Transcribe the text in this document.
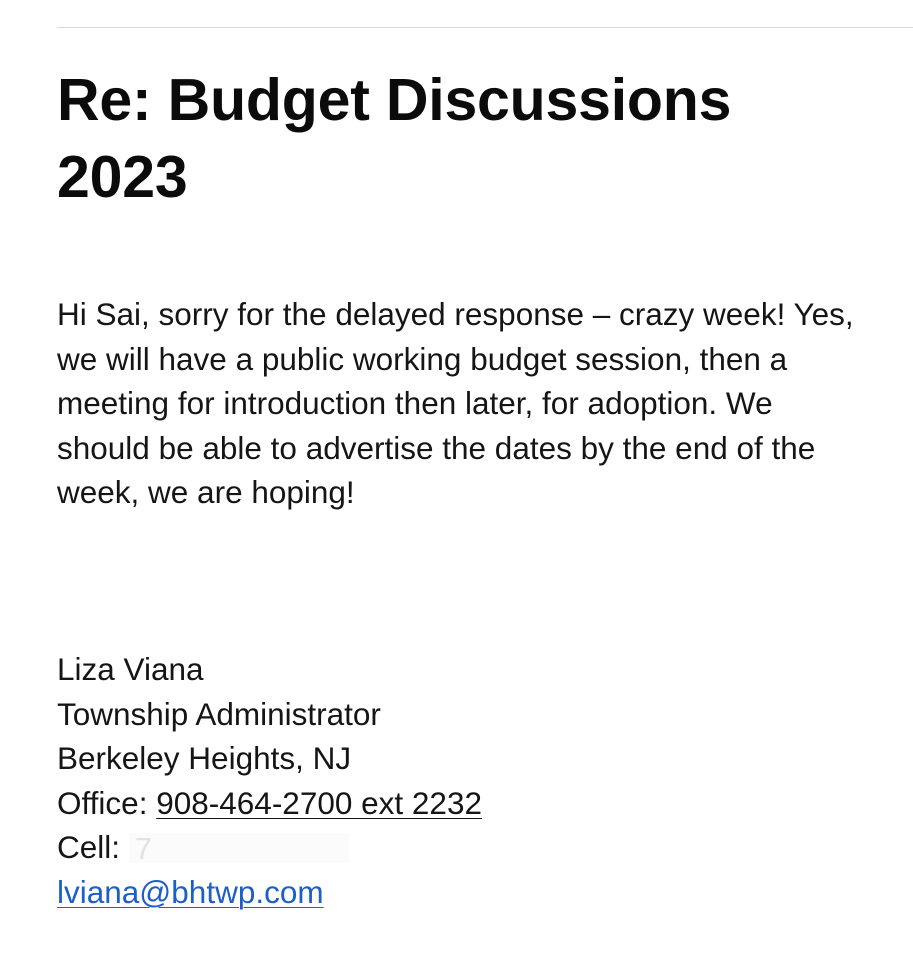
Re: Budget Discussions 2023

Hi Sai, sorry for the delayed response – crazy week! Yes, we will have a public working budget session, then a meeting for introduction then later, for adoption. We should be able to advertise the dates by the end of the week, we are hoping!

Liza Viana
Township Administrator
Berkeley Heights, NJ
Office: 908-464-2700 ext 2232
Cell: 7
lviana@bhtwp.com
